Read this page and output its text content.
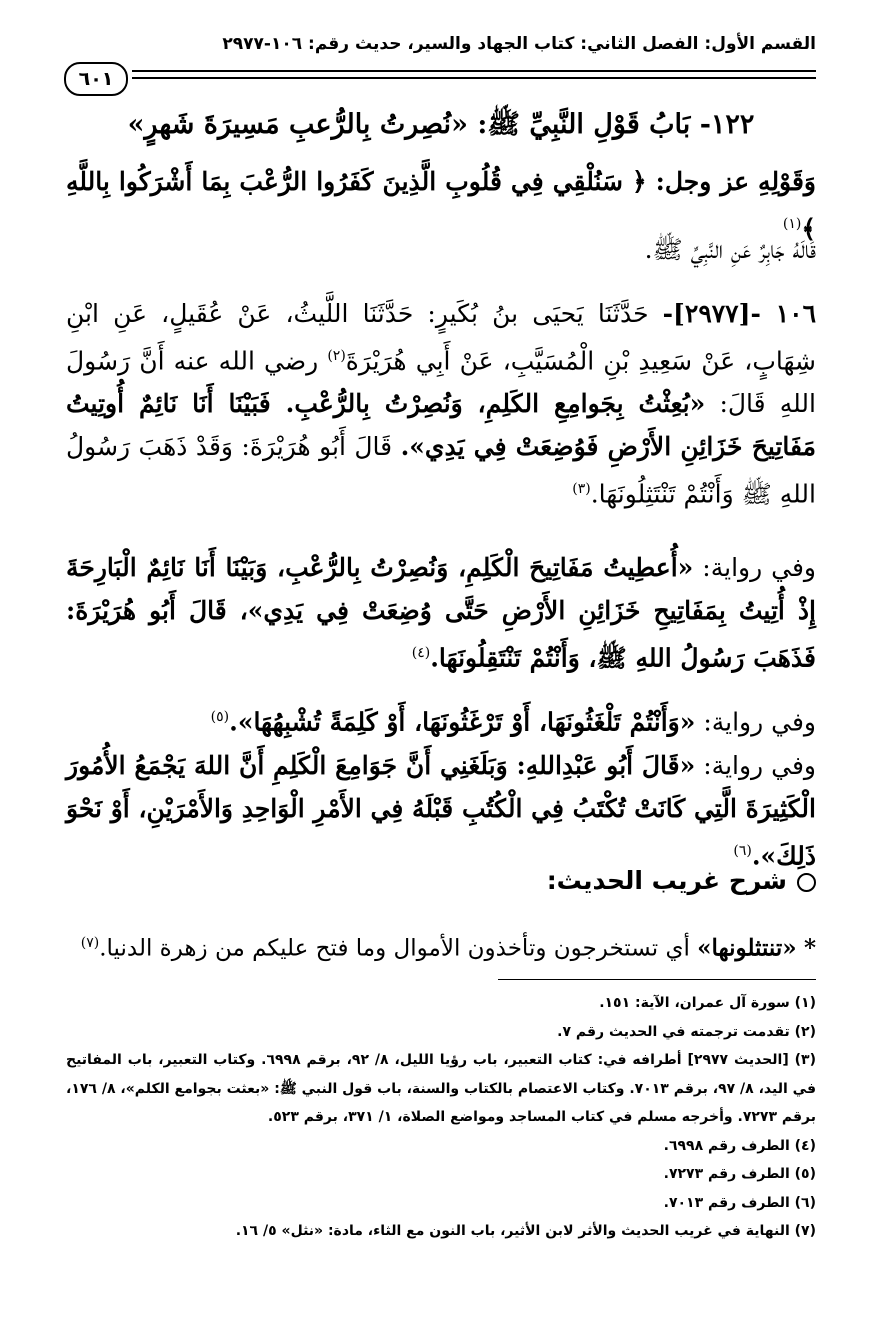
القسم الأول: الفصل الثاني: كتاب الجهاد والسير، حديث رقم: ١٠٦-٢٩٧٧
٦٠١
١٢٢- بَابُ قَوْلِ النَّبِيِّ ﷺ: «نُصِرتُ بِالرُّعبِ مَسِيرَةَ شَهرٍ»
وَقَوْلِهِ عز وجل: ﴿ سَنُلْقِي فِي قُلُوبِ الَّذِينَ كَفَرُوا الرُّعْبَ بِمَا أَشْرَكُوا بِاللَّهِ ﴾$^{(١)}$
قَالَهُ جَابِرٌ عَنِ النَّبِيِّ ﷺ.
١٠٦ -[٢٩٧٧]- حَدَّثَنَا يَحيَى بنُ بُكَيرٍ: حَدَّثَنَا اللَّيثُ، عَنْ عُقَيلٍ، عَنِ ابْنِ شِهَابٍ، عَنْ سَعِيدِ بْنِ الْمُسَيَّبِ، عَنْ أَبِي هُرَيْرَةَ$^{(٢)}$ رضي الله عنه أَنَّ رَسُولَ اللهِ قَالَ: «بُعِثْتُ بِجَوامِعِ الكَلِمِ، وَنُصِرْتُ بِالرُّعْبِ. فَبَيْنَا أَنَا نَائِمٌ أُوتِيتُ مَفَاتِيحَ خَزَائِنِ الأَرْضِ فَوُضِعَتْ فِي يَدِي». قَالَ أَبُو هُرَيْرَةَ: وَقَدْ ذَهَبَ رَسُولُ اللهِ ﷺ وَأَنْتُمْ تَنْتَثِلُونَهَا.$^{(٣)}$
وفي رواية: «أُعطِيتُ مَفَاتِيحَ الْكَلِمِ، وَنُصِرْتُ بِالرُّعْبِ، وَبَيْنَا أَنَا نَائِمٌ الْبَارِحَةَ إِذْ أُتِيتُ بِمَفَاتِيحِ خَزَائِنِ الأَرْضِ حَتَّى وُضِعَتْ فِي يَدِي»، قَالَ أَبُو هُرَيْرَةَ: فَذَهَبَ رَسُولُ اللهِ ﷺ، وَأَنْتُمْ تَنْتَقِلُونَهَا.$^{(٤)}$
وفي رواية: «وَأَنْتُمْ تَلْغَثُونَهَا، أَوْ تَرْغَثُونَهَا، أَوْ كَلِمَةً تُشْبِهُهَا».$^{(٥)}$
وفي رواية: «قَالَ أَبُو عَبْدِاللهِ: وَبَلَغَنِي أَنَّ جَوَامِعَ الْكَلِمِ أَنَّ اللهَ يَجْمَعُ الأُمُورَ الْكَثِيرَةَ الَّتِي كَانَتْ تُكْتَبُ فِي الْكُتُبِ قَبْلَهُ فِي الأَمْرِ الْوَاحِدِ وَالأَمْرَيْنِ، أَوْ نَحْوَ ذَلِكَ».$^{(٦)}$
شرح غريب الحديث:
* «تنتثلونها» أي تستخرجون وتأخذون الأموال وما فتح عليكم من زهرة الدنيا.$^{(٧)}$

(١) سورة آل عمران، الآية: ١٥١.

(٢) تقدمت ترجمته في الحديث رقم ٧.

(٣) [الحديث ٢٩٧٧] أطرافه في: كتاب التعبير، باب رؤيا الليل، ٨/ ٩٢، برقم ٦٩٩٨. وكتاب التعبير، باب المفاتيح في اليد، ٨/ ٩٧، برقم ٧٠١٣. وكتاب الاعتصام بالكتاب والسنة، باب قول النبي ﷺ: «بعثت بجوامع الكلم»، ٨/ ١٧٦، برقم ٧٢٧٣. وأخرجه مسلم في كتاب المساجد ومواضع الصلاة، ١/ ٣٧١، برقم ٥٢٣.

(٤) الطرف رقم ٦٩٩٨.

(٥) الطرف رقم ٧٢٧٣.

(٦) الطرف رقم ٧٠١٣.

(٧) النهاية في غريب الحديث والأثر لابن الأثير، باب النون مع الثاء، مادة: «نثل» ٥/ ١٦.
